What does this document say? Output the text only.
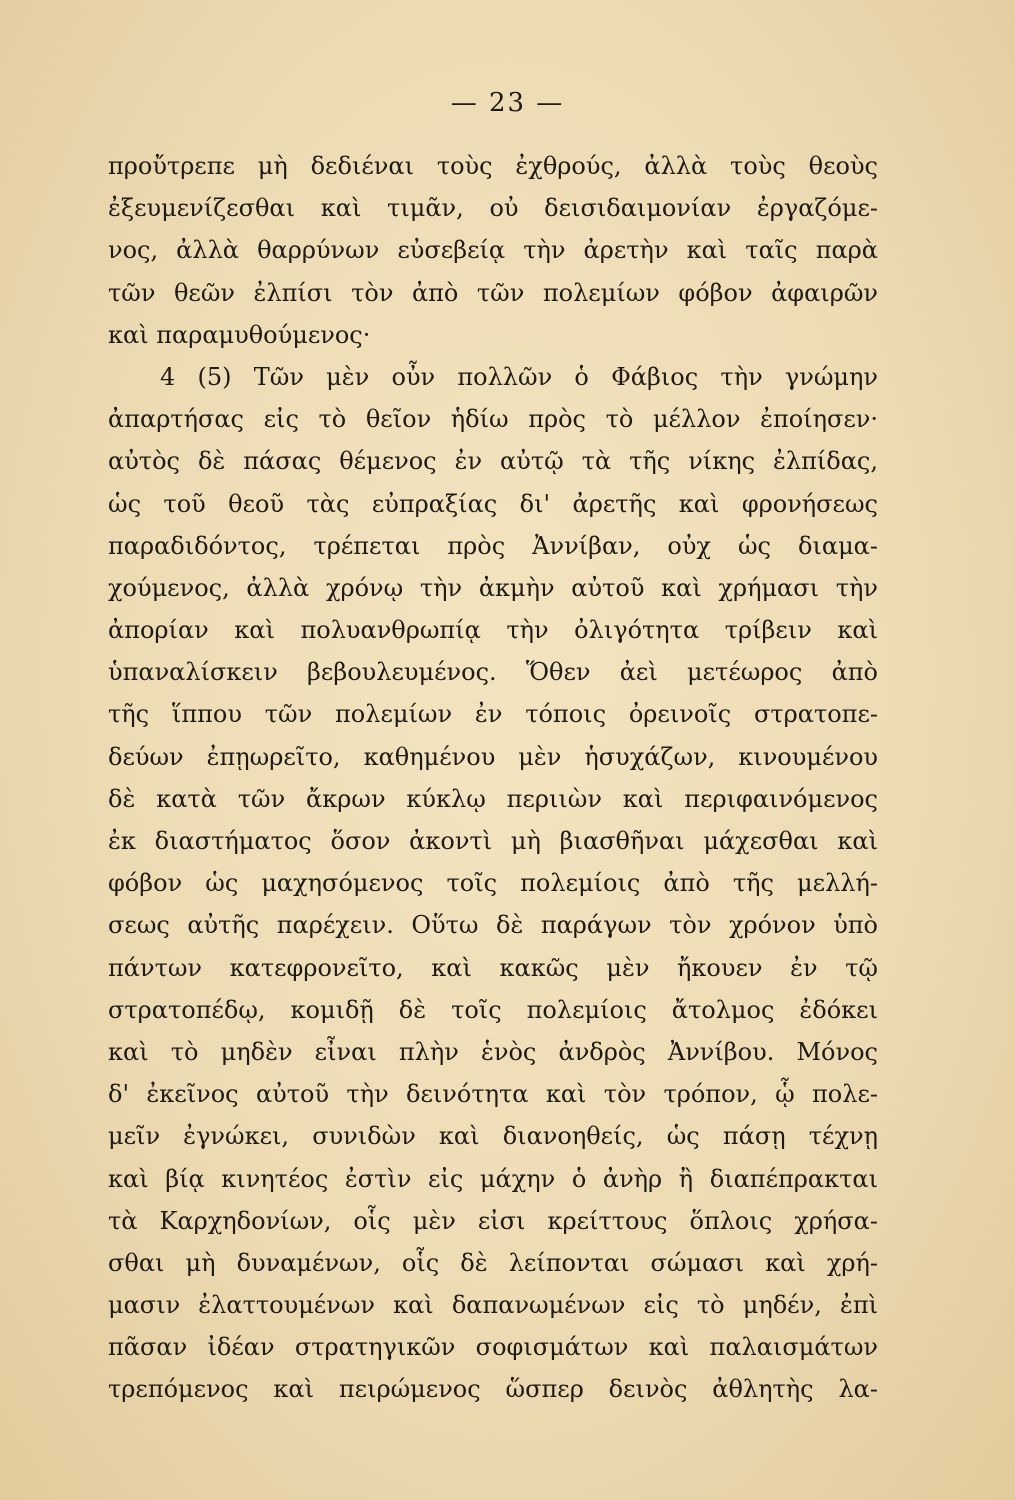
— 23 —
προὔτρεπε μὴ δεδιέναι τοὺς ἐχθρούς, ἀλλὰ τοὺς θεοὺς
ἐξευμενίζεσθαι καὶ τιμᾶν, οὐ δεισιδαιμονίαν ἐργαζόμε-
νος, ἀλλὰ θαρρύνων εὐσεβείᾳ τὴν ἀρετὴν καὶ ταῖς παρὰ
τῶν θεῶν ἐλπίσι τὸν ἀπὸ τῶν πολεμίων φόβον ἀφαιρῶν
καὶ παραμυθούμενος·
4 (5) Τῶν μὲν οὖν πολλῶν ὁ Φάβιος τὴν γνώμην
ἀπαρτήσας εἰς τὸ θεῖον ἡδίω πρὸς τὸ μέλλον ἐποίησεν·
αὐτὸς δὲ πάσας θέμενος ἐν αὐτῷ τὰ τῆς νίκης ἐλπίδας,
ὡς τοῦ θεοῦ τὰς εὐπραξίας δι' ἀρετῆς καὶ φρονήσεως
παραδιδόντος, τρέπεται πρὸς Ἀννίβαν, οὐχ ὡς διαμα-
χούμενος, ἀλλὰ χρόνῳ τὴν ἀκμὴν αὐτοῦ καὶ χρήμασι τὴν
ἀπορίαν καὶ πολυανθρωπίᾳ τὴν ὀλιγότητα τρίβειν καὶ
ὑπαναλίσκειν βεβουλευμένος. Ὅθεν ἀεὶ μετέωρος ἀπὸ
τῆς ἵππου τῶν πολεμίων ἐν τόποις ὀρεινοῖς στρατοπε-
δεύων ἐπῃωρεῖτο, καθημένου μὲν ἡσυχάζων, κινουμένου
δὲ κατὰ τῶν ἄκρων κύκλῳ περιιὼν καὶ περιφαινόμενος
ἐκ διαστήματος ὅσον ἀκοντὶ μὴ βιασθῆναι μάχεσθαι καὶ
φόβον ὡς μαχησόμενος τοῖς πολεμίοις ἀπὸ τῆς μελλή-
σεως αὐτῆς παρέχειν. Οὕτω δὲ παράγων τὸν χρόνον ὑπὸ
πάντων κατεφρονεῖτο, καὶ κακῶς μὲν ἤκουεν ἐν τῷ
στρατοπέδῳ, κομιδῇ δὲ τοῖς πολεμίοις ἄτολμος ἐδόκει
καὶ τὸ μηδὲν εἶναι πλὴν ἑνὸς ἀνδρὸς Ἀννίβου. Μόνος
δ' ἐκεῖνος αὐτοῦ τὴν δεινότητα καὶ τὸν τρόπον, ᾧ πολε-
μεῖν ἐγνώκει, συνιδὼν καὶ διανοηθείς, ὡς πάσῃ τέχνῃ
καὶ βίᾳ κινητέος ἐστὶν εἰς μάχην ὁ ἀνὴρ ἢ διαπέπρακται
τὰ Καρχηδονίων, οἷς μὲν εἰσι κρείττους ὅπλοις χρήσα-
σθαι μὴ δυναμένων, οἷς δὲ λείπονται σώμασι καὶ χρή-
μασιν ἐλαττουμένων καὶ δαπανωμένων εἰς τὸ μηδέν, ἐπὶ
πᾶσαν ἰδέαν στρατηγικῶν σοφισμάτων καὶ παλαισμάτων
τρεπόμενος καὶ πειρώμενος ὥσπερ δεινὸς ἀθλητὴς λα-
